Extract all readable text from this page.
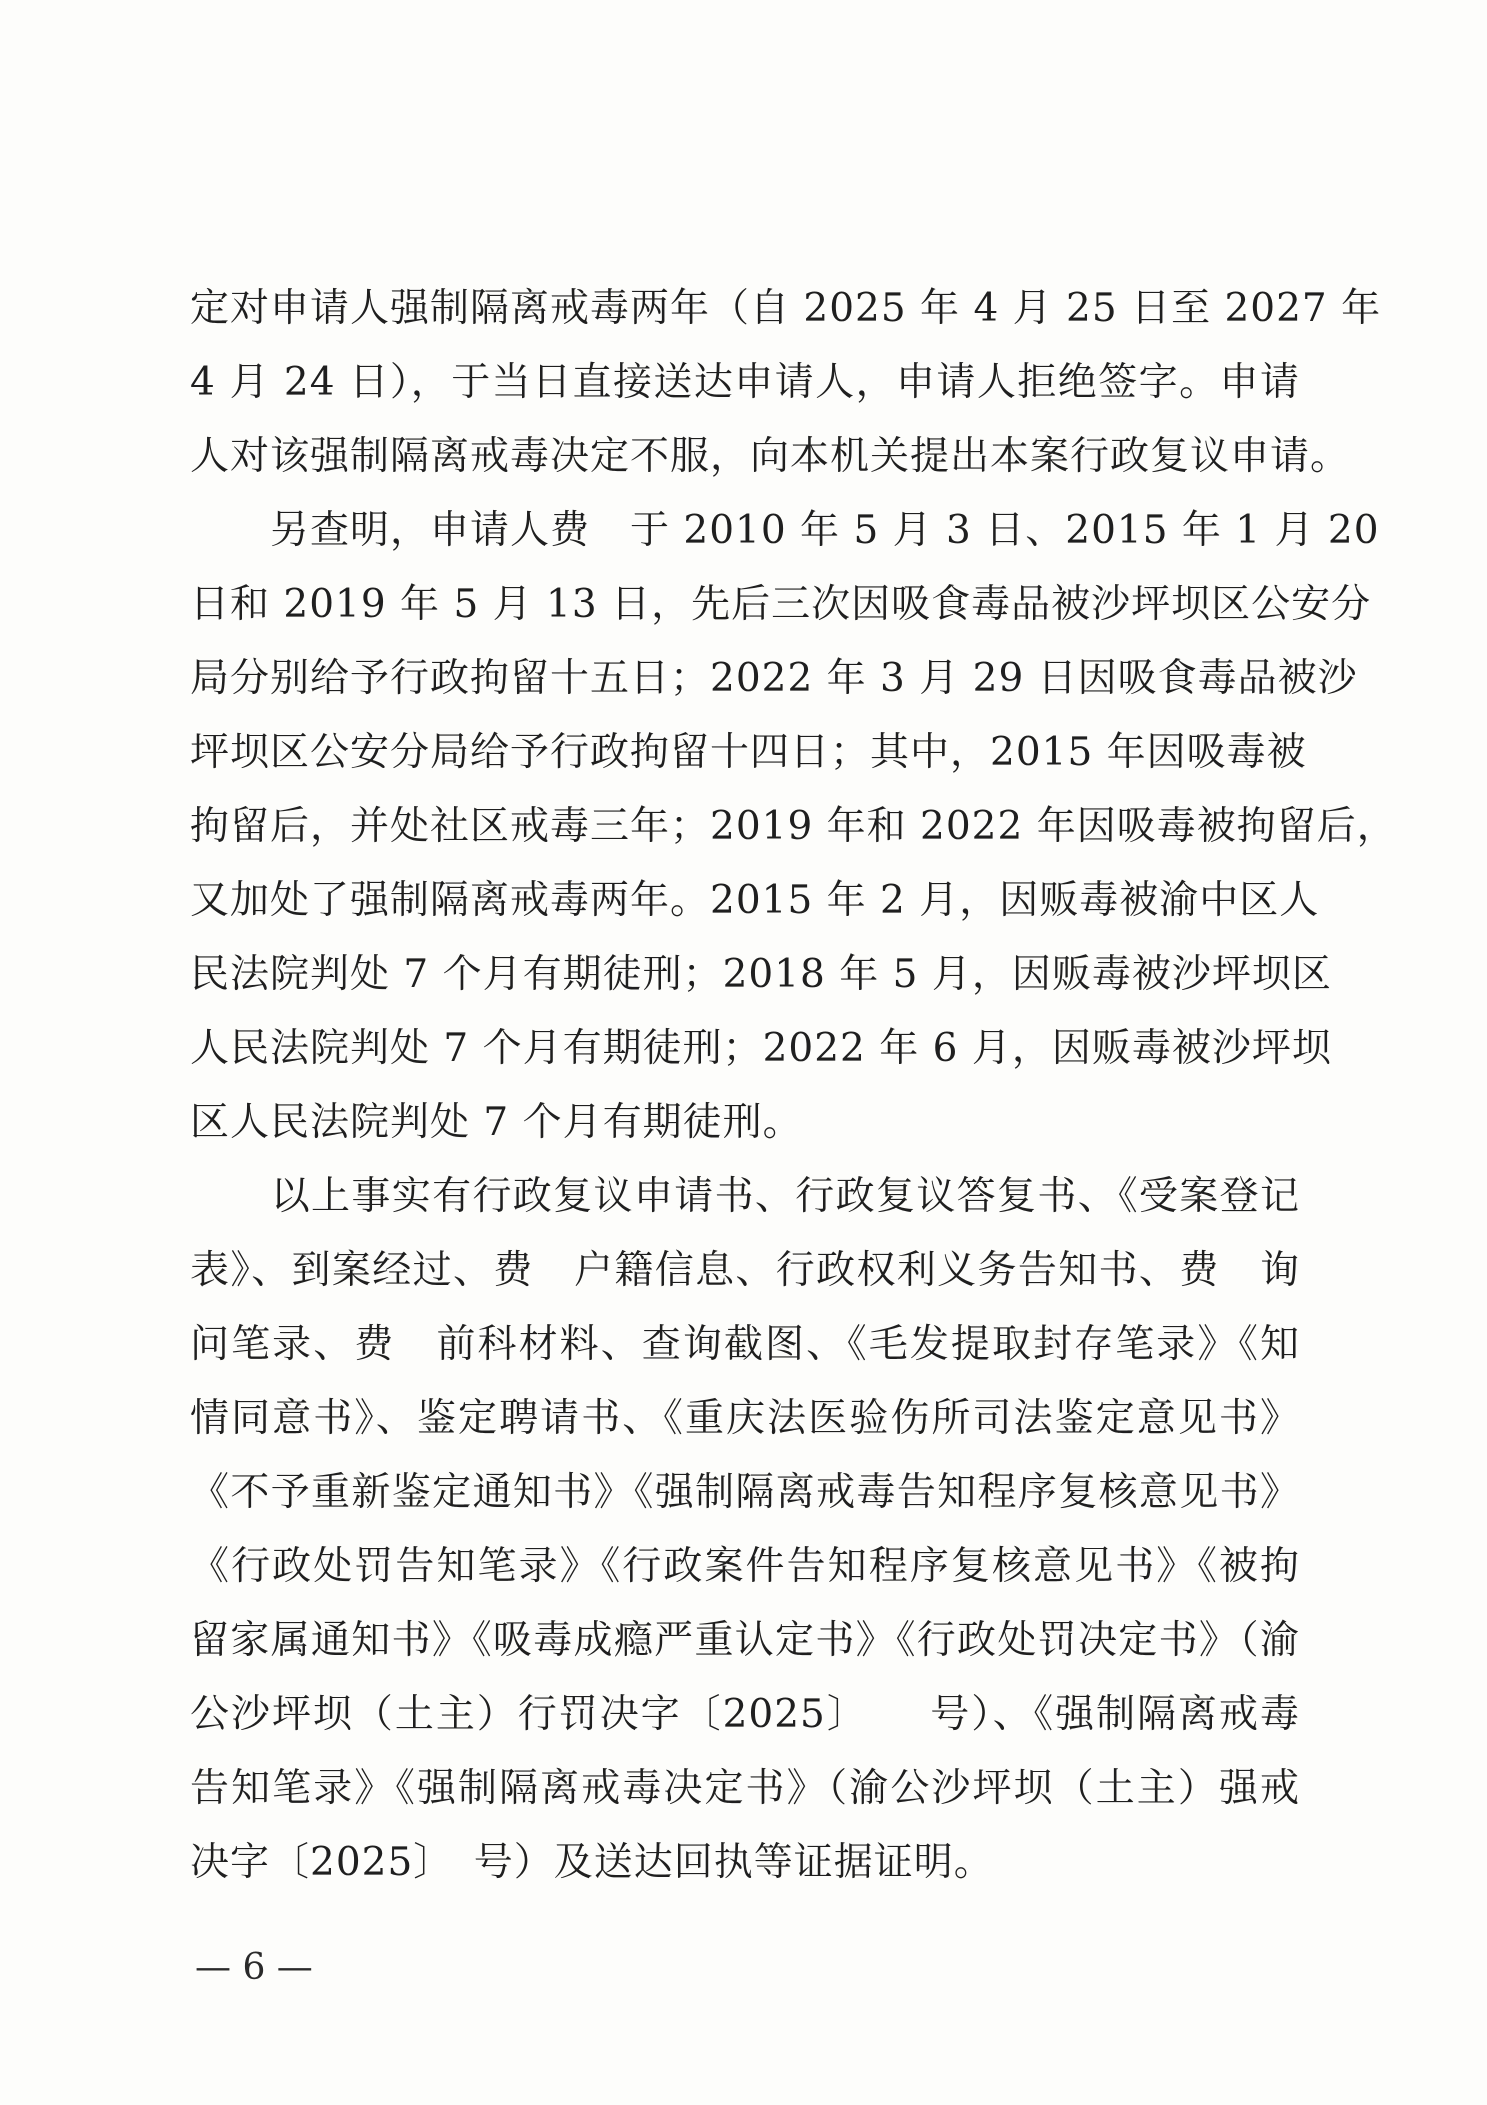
定对申请人强制隔离戒毒两年（自 2025 年 4 月 25 日至 2027 年
4 月 24 日），于当日直接送达申请人，申请人拒绝签字。申请
人对该强制隔离戒毒决定不服，向本机关提出本案行政复议申请。
　　另查明，申请人费　于 2010 年 5 月 3 日、2015 年 1 月 20
日和 2019 年 5 月 13 日，先后三次因吸食毒品被沙坪坝区公安分
局分别给予行政拘留十五日；2022 年 3 月 29 日因吸食毒品被沙
坪坝区公安分局给予行政拘留十四日；其中，2015 年因吸毒被
拘留后，并处社区戒毒三年；2019 年和 2022 年因吸毒被拘留后，
又加处了强制隔离戒毒两年。2015 年 2 月，因贩毒被渝中区人
民法院判处 7 个月有期徒刑；2018 年 5 月，因贩毒被沙坪坝区
人民法院判处 7 个月有期徒刑；2022 年 6 月，因贩毒被沙坪坝
区人民法院判处 7 个月有期徒刑。
　　以上事实有行政复议申请书、行政复议答复书、《受案登记
表》、到案经过、费　户籍信息、行政权利义务告知书、费　询
问笔录、费　前科材料、查询截图、《毛发提取封存笔录》《知
情同意书》、鉴定聘请书、《重庆法医验伤所司法鉴定意见书》
《不予重新鉴定通知书》《强制隔离戒毒告知程序复核意见书》
《行政处罚告知笔录》《行政案件告知程序复核意见书》《被拘
留家属通知书》《吸毒成瘾严重认定书》《行政处罚决定书》（渝
公沙坪坝（土主）行罚决字〔2025〕　　号）、《强制隔离戒毒
告知笔录》《强制隔离戒毒决定书》（渝公沙坪坝（土主）强戒
决字〔2025〕　号）及送达回执等证据证明。
— 6 —
